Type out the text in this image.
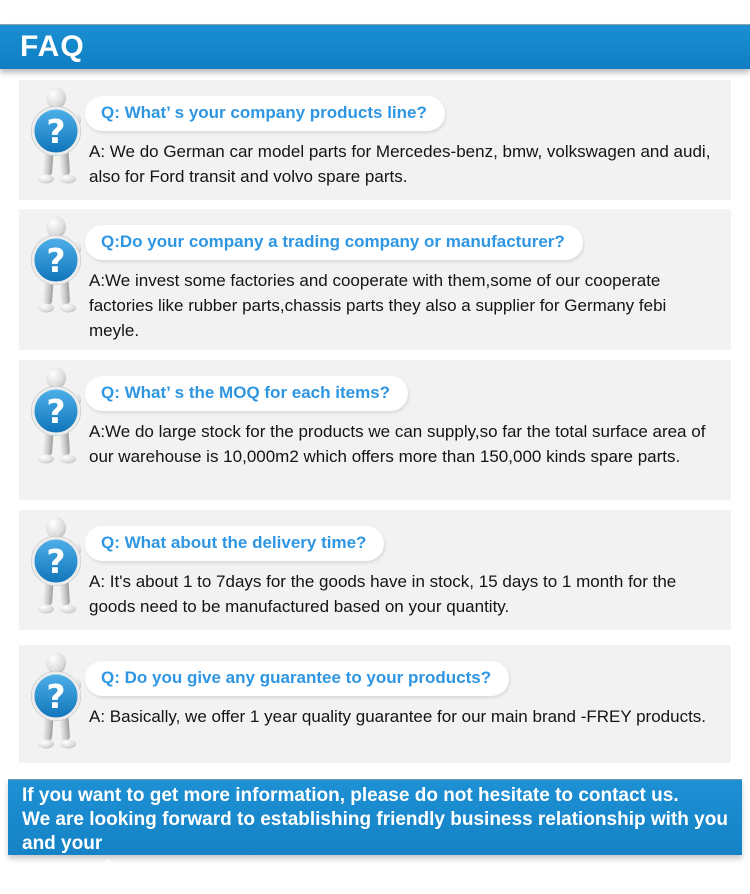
FAQ
Q: What’ s your company products line?
A: We do German car model parts for Mercedes-benz, bmw, volkswagen and audi, also for Ford transit and volvo spare parts.
Q:Do your company a trading company or manufacturer?
A:We invest some factories and cooperate with them,some of our cooperate factories like rubber parts,chassis parts they also a supplier for Germany febi meyle.
Q: What’ s the MOQ for each items?
A:We do large stock for the products we can supply,so far the total surface area of our warehouse is 10,000m2 which offers more than 150,000 kinds spare parts.
Q: What about the delivery time?
A: It's about 1 to 7days for the goods have in stock, 15 days to 1 month for the goods need to be manufactured based on your quantity.
Q: Do you give any guarantee to your products?
A: Basically, we offer 1 year quality guarantee for our main brand -FREY products.
If you want to get more information, please do not hesitate to contact us.
We are looking forward to establishing friendly business relationship with you and your
company!
